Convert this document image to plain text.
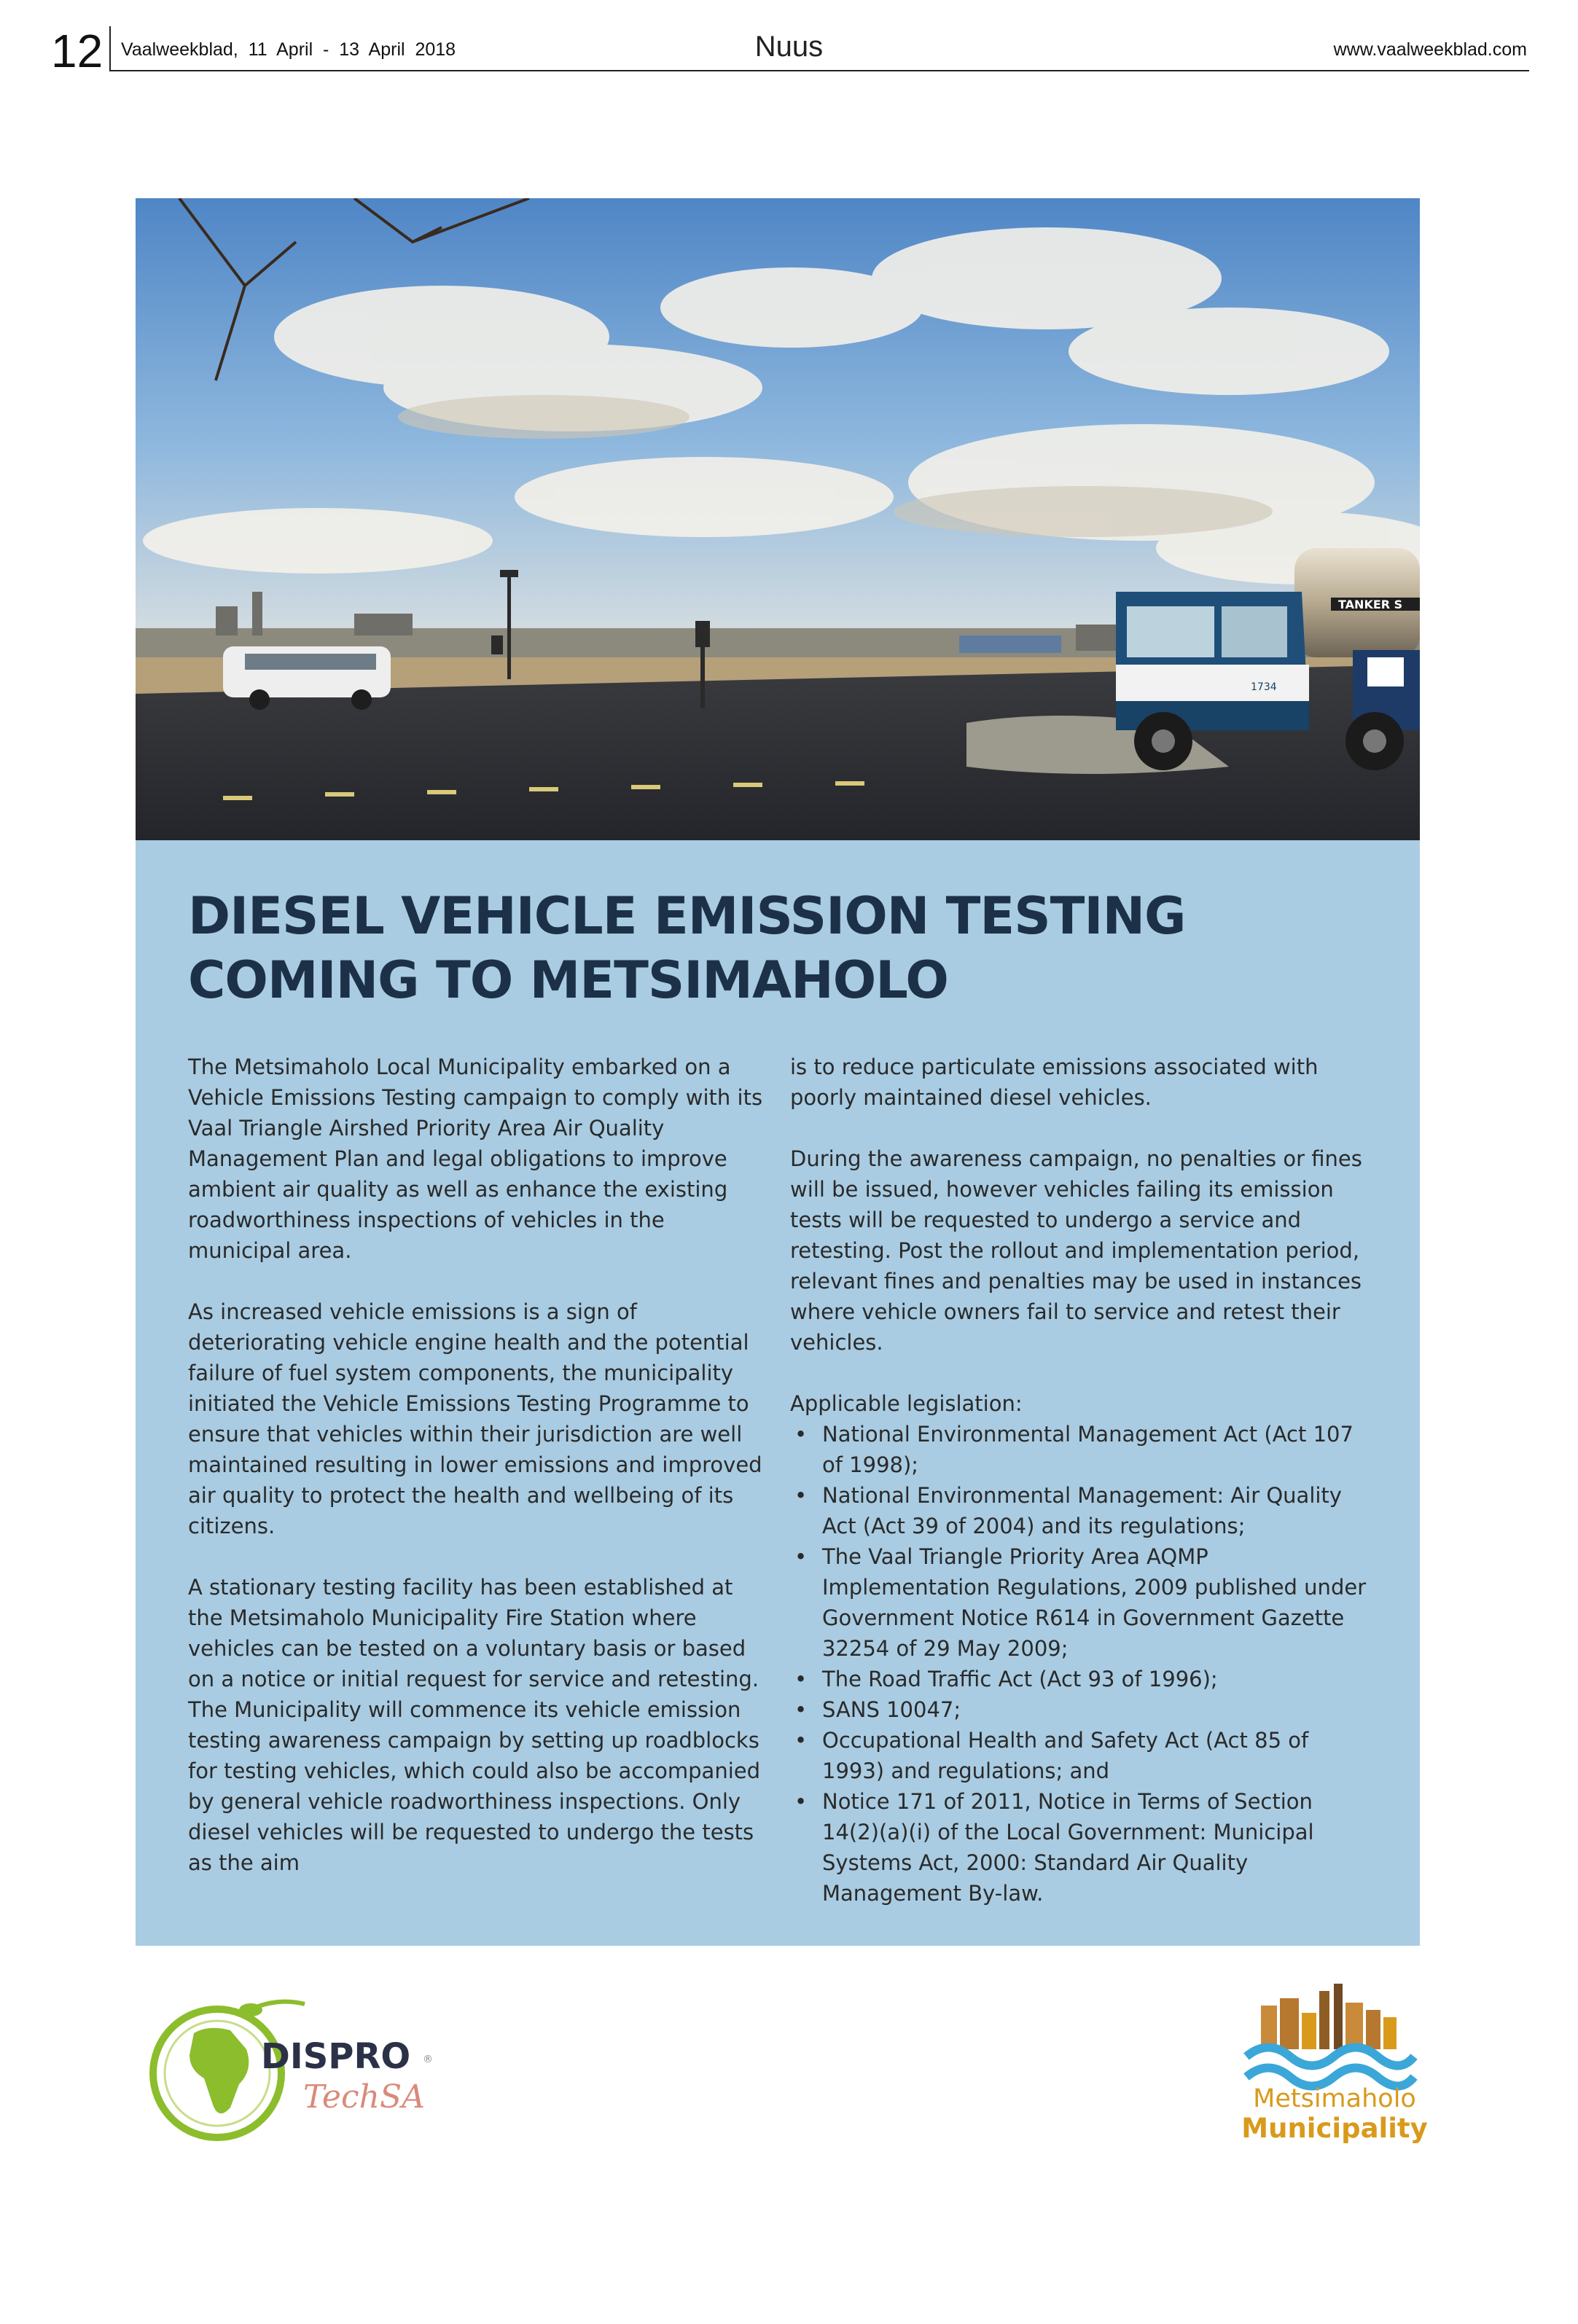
12 Vaalweekblad,  11  April  -  13  April  2018	Nuus	www.vaalweekblad.com
TANKER S
1734
DIESEL VEHICLE EMISSION TESTING
COMING TO METSIMAHOLO

The Metsimaholo Local Municipality embarked on a Vehicle Emissions Testing campaign to comply with its Vaal Triangle Airshed Priority Area Air Quality Management Plan and legal obligations to improve ambient air quality as well as enhance the existing roadworthiness inspections of vehicles in the municipal area.

As increased vehicle emissions is a sign of deteriorating vehicle engine health and the potential failure of fuel system components, the municipality initiated the Vehicle Emissions Testing Programme to ensure that vehicles within their jurisdiction are well maintained resulting in lower emissions and improved air quality to protect the health and wellbeing of its citizens.

A stationary testing facility has been established at the Metsimaholo Municipality Fire Station where vehicles can be tested on a voluntary basis or based on a notice or initial request for service and retesting. The Municipality will commence its vehicle emission testing awareness campaign by setting up roadblocks for testing vehicles, which could also be accompanied by general vehicle roadworthiness inspections. Only diesel vehicles will be requested to undergo the tests as the aim

is to reduce particulate emissions associated with poorly maintained diesel vehicles.

During the awareness campaign, no penalties or fines will be issued, however vehicles failing its emission tests will be requested to undergo a service and retesting. Post the rollout and implementation period, relevant fines and penalties may be used in instances where vehicle owners fail to service and retest their vehicles.

Applicable legislation:

• National Environmental Management Act (Act 107 of 1998);
• National Environmental Management: Air Quality Act (Act 39 of 2004) and its regulations;
• The Vaal Triangle Priority Area AQMP Implementation Regulations, 2009 published under Government Notice R614 in Government Gazette 32254 of 29 May 2009;
• The Road Traffic Act (Act 93 of 1996);
• SANS 10047;
• Occupational Health and Safety Act (Act 85 of 1993) and regulations; and
• Notice 171 of 2011, Notice in Terms of Section 14(2)(a)(i) of the Local Government: Municipal Systems Act, 2000: Standard Air Quality Management By-law.
DISPRO ®
TechSA	Metsimaholo
Municipality
